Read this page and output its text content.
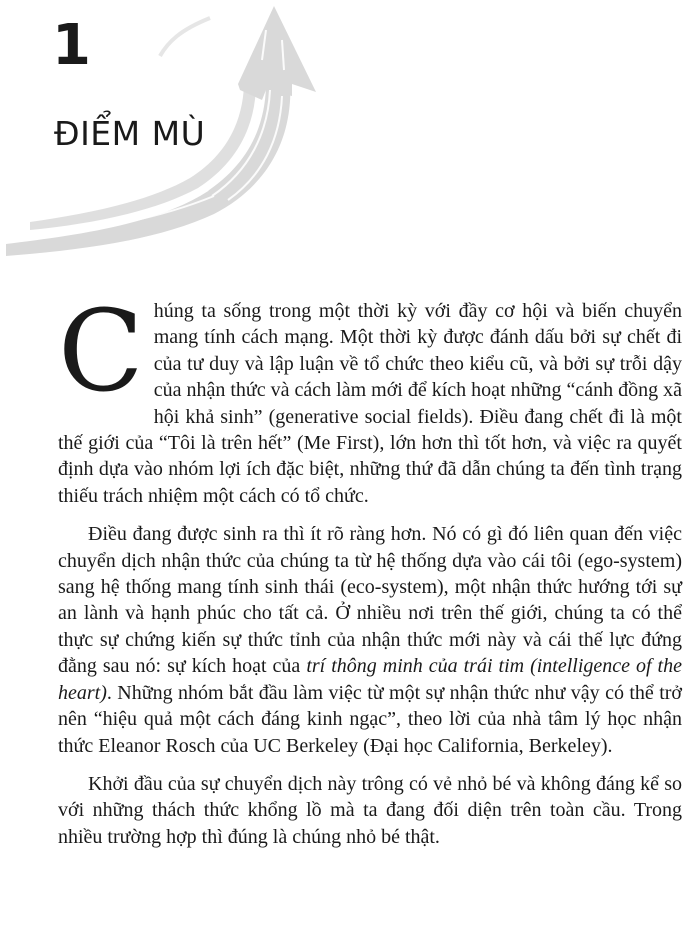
1
ĐIỂM MÙ

Chúng ta sống trong một thời kỳ với đầy cơ hội và biến chuyển mang tính cách mạng. Một thời kỳ được đánh dấu bởi sự chết đi của tư duy và lập luận về tổ chức theo kiểu cũ, và bởi sự trỗi dậy của nhận thức và cách làm mới để kích hoạt những “cánh đồng xã hội khả sinh” (generative social fields). Điều đang chết đi là một thế giới của “Tôi là trên hết” (Me First), lớn hơn thì tốt hơn, và việc ra quyết định dựa vào nhóm lợi ích đặc biệt, những thứ đã dẫn chúng ta đến tình trạng thiếu trách nhiệm một cách có tổ chức.

Điều đang được sinh ra thì ít rõ ràng hơn. Nó có gì đó liên quan đến việc chuyển dịch nhận thức của chúng ta từ hệ thống dựa vào cái tôi (ego-system) sang hệ thống mang tính sinh thái (eco-system), một nhận thức hướng tới sự an lành và hạnh phúc cho tất cả. Ở nhiều nơi trên thế giới, chúng ta có thể thực sự chứng kiến sự thức tỉnh của nhận thức mới này và cái thế lực đứng đằng sau nó: sự kích hoạt của trí thông minh của trái tim (intelligence of the heart). Những nhóm bắt đầu làm việc từ một sự nhận thức như vậy có thể trở nên “hiệu quả một cách đáng kinh ngạc”, theo lời của nhà tâm lý học nhận thức Eleanor Rosch của UC Berkeley (Đại học California, Berkeley).

Khởi đầu của sự chuyển dịch này trông có vẻ nhỏ bé và không đáng kể so với những thách thức khổng lồ mà ta đang đối diện trên toàn cầu. Trong nhiều trường hợp thì đúng là chúng nhỏ bé thật.
